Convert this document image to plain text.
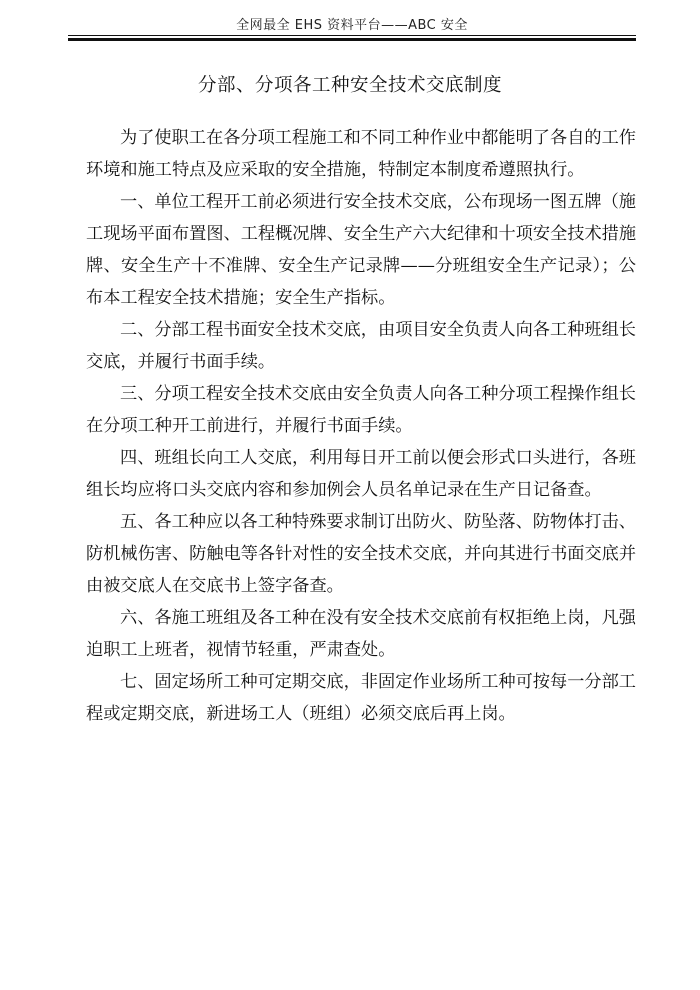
全网最全 EHS 资料平台——ABC 安全
分部、分项各工种安全技术交底制度

为了使职工在各分项工程施工和不同工种作业中都能明了各自的工作环境和施工特点及应采取的安全措施，特制定本制度希遵照执行。

一、单位工程开工前必须进行安全技术交底，公布现场一图五牌（施工现场平面布置图、工程概况牌、安全生产六大纪律和十项安全技术措施牌、安全生产十不准牌、安全生产记录牌——分班组安全生产记录）；公布本工程安全技术措施；安全生产指标。

二、分部工程书面安全技术交底，由项目安全负责人向各工种班组长交底，并履行书面手续。

三、分项工程安全技术交底由安全负责人向各工种分项工程操作组长在分项工种开工前进行，并履行书面手续。

四、班组长向工人交底，利用每日开工前以便会形式口头进行，各班组长均应将口头交底内容和参加例会人员名单记录在生产日记备查。

五、各工种应以各工种特殊要求制订出防火、防坠落、防物体打击、防机械伤害、防触电等各针对性的安全技术交底，并向其进行书面交底并由被交底人在交底书上签字备查。

六、各施工班组及各工种在没有安全技术交底前有权拒绝上岗，凡强迫职工上班者，视情节轻重，严肃查处。

七、固定场所工种可定期交底，非固定作业场所工种可按每一分部工程或定期交底，新进场工人（班组）必须交底后再上岗。
